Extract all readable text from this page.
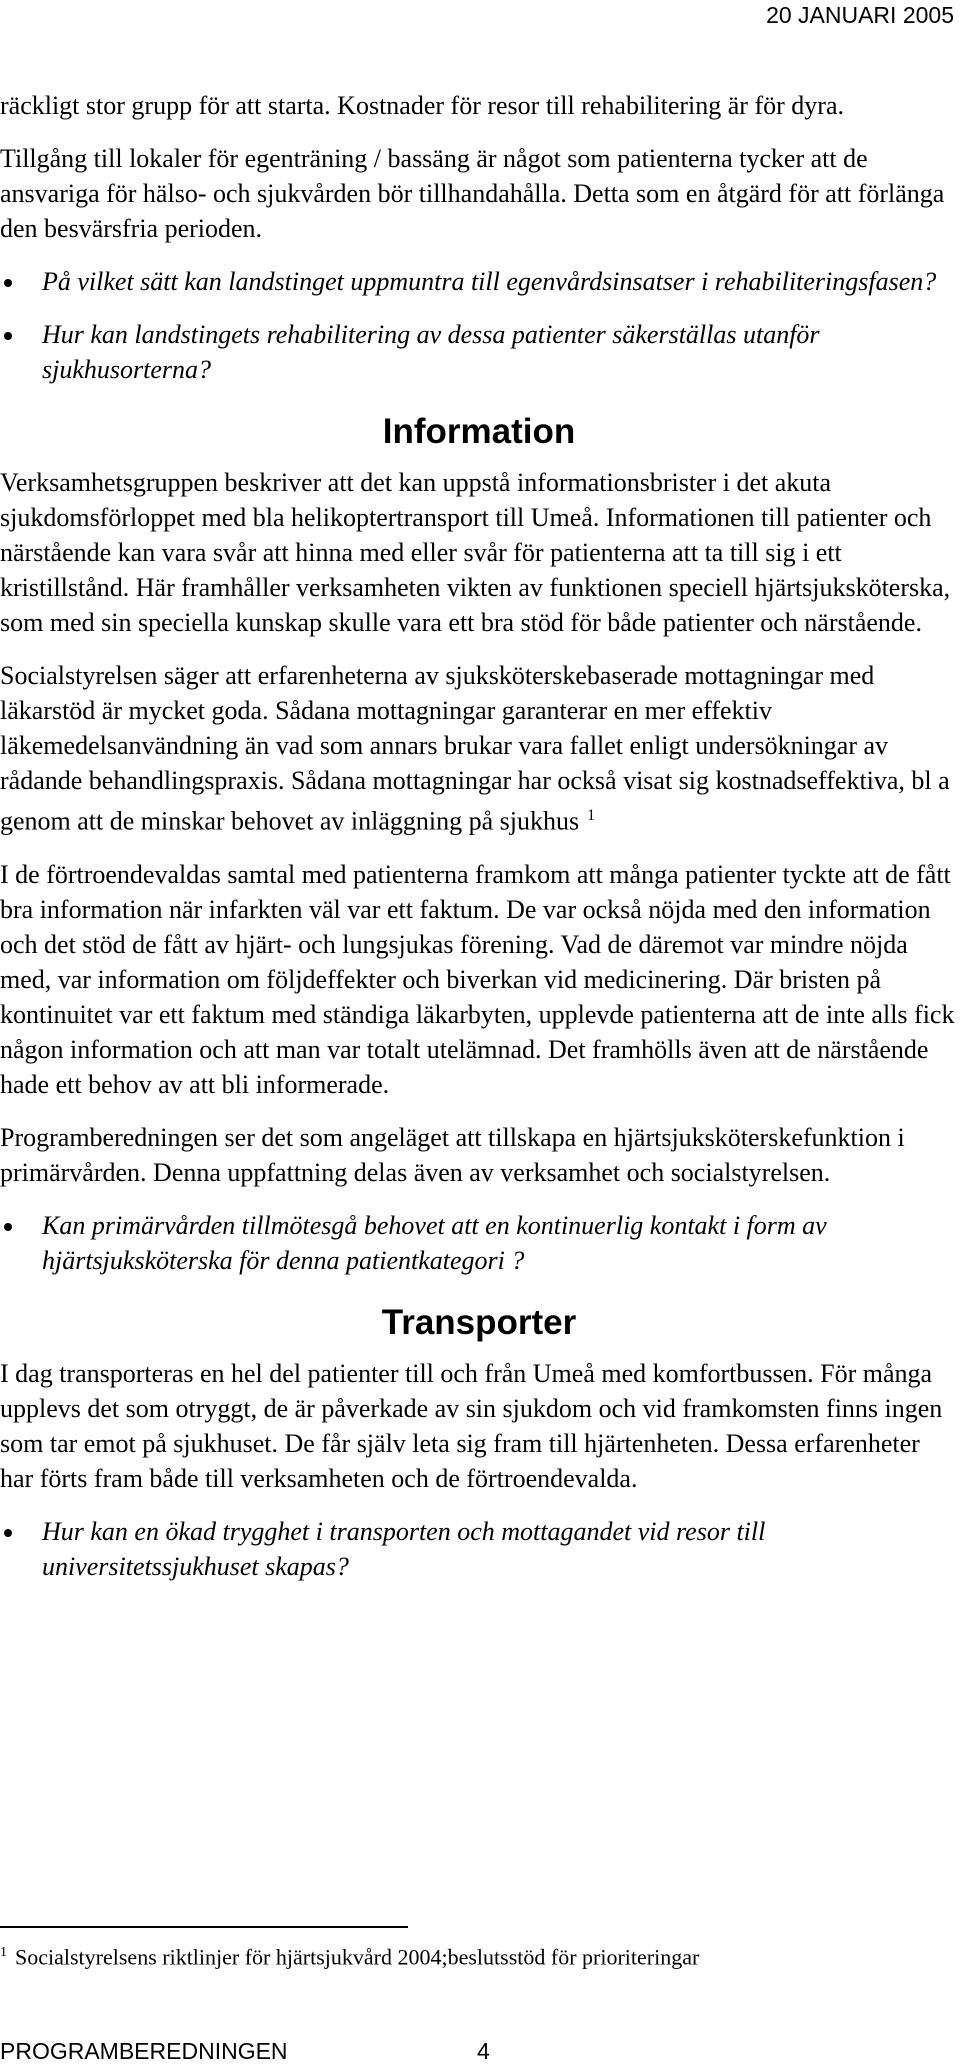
20 JANUARI 2005

räckligt stor grupp för att starta. Kostnader för resor till rehabilitering är för dyra.

Tillgång till lokaler för egenträning / bassäng är något som patienterna tycker att de ansvariga för hälso- och sjukvården bör tillhandahålla. Detta som en åtgärd för att förlänga den besvärsfria perioden.

På vilket sätt kan landstinget uppmuntra till egenvårdsinsatser i rehabiliteringsfasen?
Hur kan landstingets rehabilitering av dessa patienter säkerställas utanför sjukhusorterna?
Information

Verksamhetsgruppen beskriver att det kan uppstå informationsbrister i det akuta sjukdomsförloppet med bla helikoptertransport till Umeå. Informationen till patienter och närstående kan vara svår att hinna med eller svår för patienterna att ta till sig i ett kristillstånd. Här framhåller verksamheten vikten av funktionen speciell hjärtsjuksköterska, som med sin speciella kunskap skulle vara ett bra stöd för både patienter och närstående.

Socialstyrelsen säger att erfarenheterna av sjuksköterskebaserade mottagningar med läkarstöd är mycket goda. Sådana mottagningar garanterar en mer effektiv läkemedelsanvändning än vad som annars brukar vara fallet enligt undersökningar av rådande behandlingspraxis. Sådana mottagningar har också visat sig kostnadseffektiva, bl a genom att de minskar behovet av inläggning på sjukhus $^1$

I de förtroendevaldas samtal med patienterna framkom att många patienter tyckte att de fått bra information när infarkten väl var ett faktum. De var också nöjda med den information och det stöd de fått av hjärt- och lungsjukas förening. Vad de däremot var mindre nöjda med, var information om följdeffekter och biverkan vid medicinering. Där bristen på kontinuitet var ett faktum med ständiga läkarbyten, upplevde patienterna att de inte alls fick någon information och att man var totalt utelämnad. Det framhölls även att de närstående hade ett behov av att bli informerade.

Programberedningen ser det som angeläget att tillskapa en hjärtsjuksköterskefunktion i primärvården. Denna uppfattning delas även av verksamhet och socialstyrelsen.

Kan primärvården tillmötesgå behovet att en kontinuerlig kontakt i form av hjärtsjuksköterska för denna patientkategori ?
Transporter

I dag transporteras en hel del patienter till och från Umeå med komfortbussen. För många upplevs det som otryggt, de är påverkade av sin sjukdom och vid framkomsten finns ingen som tar emot på sjukhuset. De får själv leta sig fram till hjärtenheten. Dessa erfarenheter har förts fram både till verksamheten och de förtroendevalda.

Hur kan en ökad trygghet i transporten och mottagandet vid resor till universitetssjukhuset skapas?
$^1$ Socialstyrelsens riktlinjer för hjärtsjukvård 2004;beslutsstöd för prioriteringar
PROGRAMBEREDNINGEN	4
